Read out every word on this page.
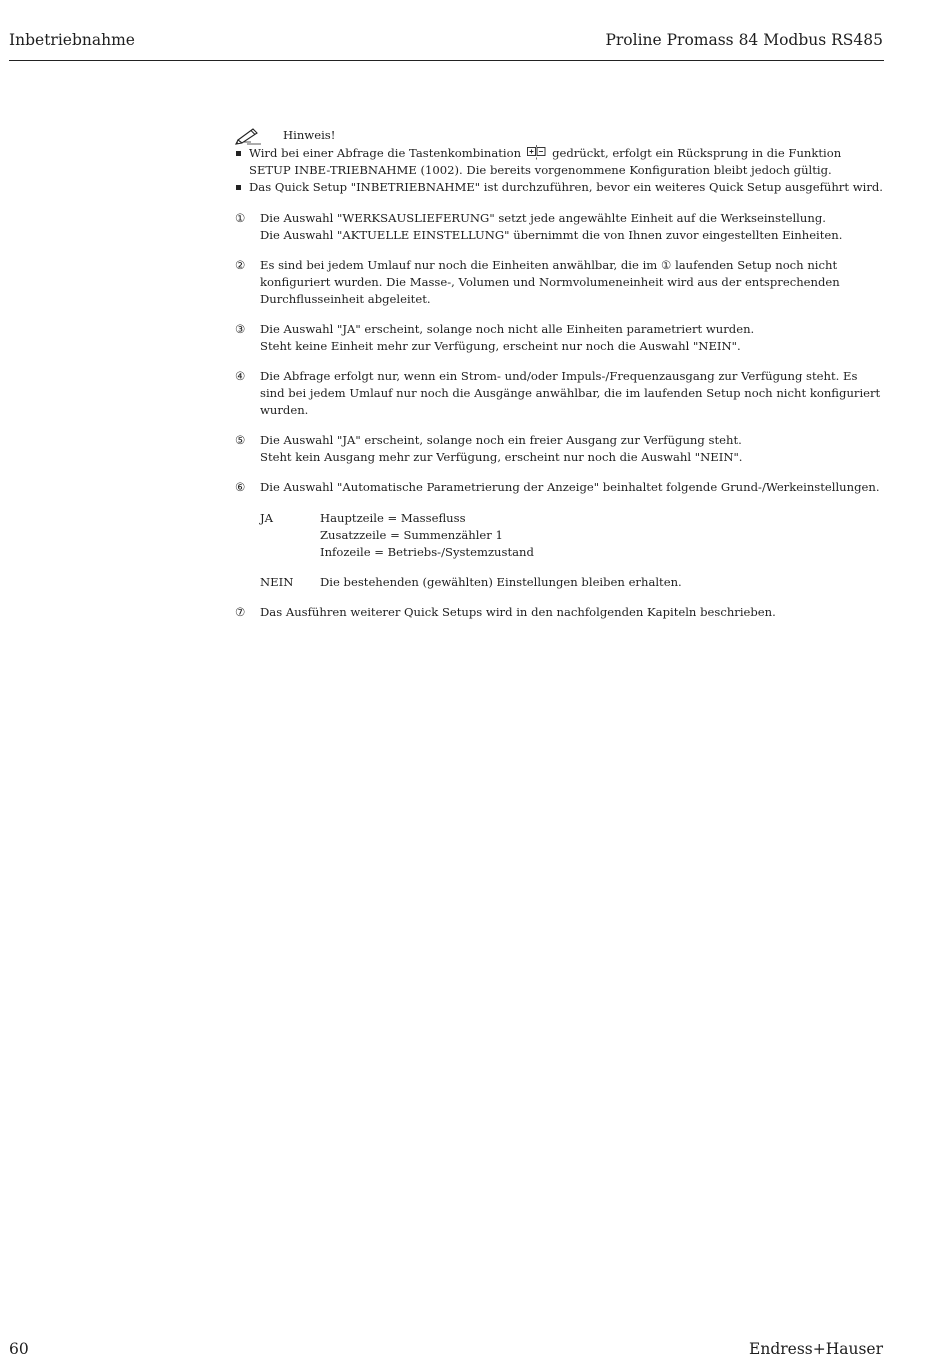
Inbetriebnahme	Proline Promass 84 Modbus RS485
Hinweis!
Wird bei einer Abfrage die Tastenkombination	gedrückt, erfolgt ein Rücksprung in die Funktion SETUP INBE-TRIEBNAHME (1002). Die bereits vorgenommene Konfiguration bleibt jedoch gültig.
Das Quick Setup "INBETRIEBNAHME" ist durchzuführen, bevor ein weiteres Quick Setup ausgeführt wird.
① Die Auswahl "WERKSAUSLIEFERUNG" setzt jede angewählte Einheit auf die Werkseinstellung.
Die Auswahl "AKTUELLE EINSTELLUNG" übernimmt die von Ihnen zuvor eingestellten Einheiten.
② Es sind bei jedem Umlauf nur noch die Einheiten anwählbar, die im ① laufenden Setup noch nicht konfiguriert wurden. Die Masse-, Volumen und Normvolumeneinheit wird aus der entsprechenden Durchflusseinheit abgeleitet.
③ Die Auswahl "JA" erscheint, solange noch nicht alle Einheiten parametriert wurden.
Steht keine Einheit mehr zur Verfügung, erscheint nur noch die Auswahl "NEIN".
④ Die Abfrage erfolgt nur, wenn ein Strom- und/oder Impuls-/Frequenzausgang zur Verfügung steht. Es sind bei jedem Umlauf nur noch die Ausgänge anwählbar, die im laufenden Setup noch nicht konfiguriert wurden.
⑤ Die Auswahl "JA" erscheint, solange noch ein freier Ausgang zur Verfügung steht.
Steht kein Ausgang mehr zur Verfügung, erscheint nur noch die Auswahl "NEIN".
⑥ Die Auswahl "Automatische Parametrierung der Anzeige" beinhaltet folgende Grund-/Werkeinstellungen.
JA	Hauptzeile = Massefluss
Zusatzzeile = Summenzähler 1
Infozeile = Betriebs-/Systemzustand

NEIN	Die bestehenden (gewählten) Einstellungen bleiben erhalten.
⑦ Das Ausführen weiterer Quick Setups wird in den nachfolgenden Kapiteln beschrieben.
60	Endress+Hauser
